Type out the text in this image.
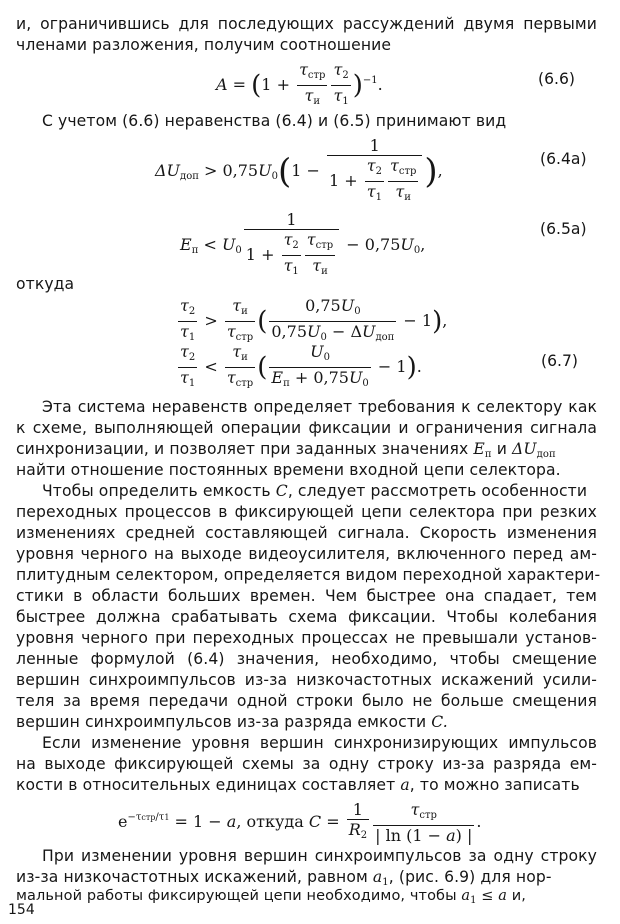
и, ограничившись для последующих рассуждений двумя первыми
членами разложения, получим соотношение
$A = (1 + \frac{\tau_{стр}}{\tau_и} \frac{\tau_2}{\tau_1} )^{-1}$.	(6.6)
С учетом (6.6) неравенства (6.4) и (6.5) принимают вид
$\Delta U_{доп} > 0,75U_0(1 - \frac{1}{1 + \frac{\tau_2}{\tau_1} \frac{\tau_{стр}}{\tau_и}}$ ),
(6.4a)
$E_п < U_0 \frac{1}{1 + \frac{\tau_2}{\tau_1} \frac{\tau_{стр}}{\tau_и}} - 0,75U_0$,
(6.5a)
откуда
$\frac{\tau_2}{\tau_1} > \frac{\tau_и}{\tau_{стр}}$ ( $\frac{0,75U_0}{0,75U_0 - \Delta U_{доп}} - 1$),
$\frac{\tau_2}{\tau_1} < \frac{\tau_и}{\tau_{стр}}$ ( $\frac{U_0}{E_п + 0,75U_0} - 1$).	(6.7)
Эта система неравенств определяет требования к селектору как
к схеме, выполняющей операции фиксации и ограничения сигнала
синхронизации, и позволяет при заданных значениях $E_п$ и $\Delta U_{доп}$
найти отношение постоянных времени входной цепи селектора.
Чтобы определить емкость C, следует рассмотреть особенности
переходных процессов в фиксирующей цепи селектора при резких
изменениях средней составляющей сигнала. Скорость изменения
уровня черного на выходе видеоусилителя, включенного перед ам-
плитудным селектором, определяется видом переходной характери-
стики в области больших времен. Чем быстрее она спадает, тем
быстрее должна срабатывать схема фиксации. Чтобы колебания
уровня черного при переходных процессах не превышали установ-
ленные формулой (6.4) значения, необходимо, чтобы смещение
вершин синхроимпульсов из-за низкочастотных искажений усили-
теля за время передачи одной строки было не больше смещения
вершин синхроимпульсов из-за разряда емкости C.
Если изменение уровня вершин синхронизирующих импульсов
на выходе фиксирующей схемы за одну строку из-за разряда ем-
кости в относительных единицах составляет a, то можно записать
$e^{-\tau стр/\tau 1} = 1 - a$, откуда $C = \frac{1}{R_2} \frac{\tau_{стр}}{| \ln (1 - a) |}$ .
При изменении уровня вершин синхроимпульсов за одну строку
из-за низкочастотных искажений, равном $a_1$, (рис. 6.9) для нор-
мальной работы фиксирующей цепи необходимо, чтобы $a_1 \le a$ и,
154
